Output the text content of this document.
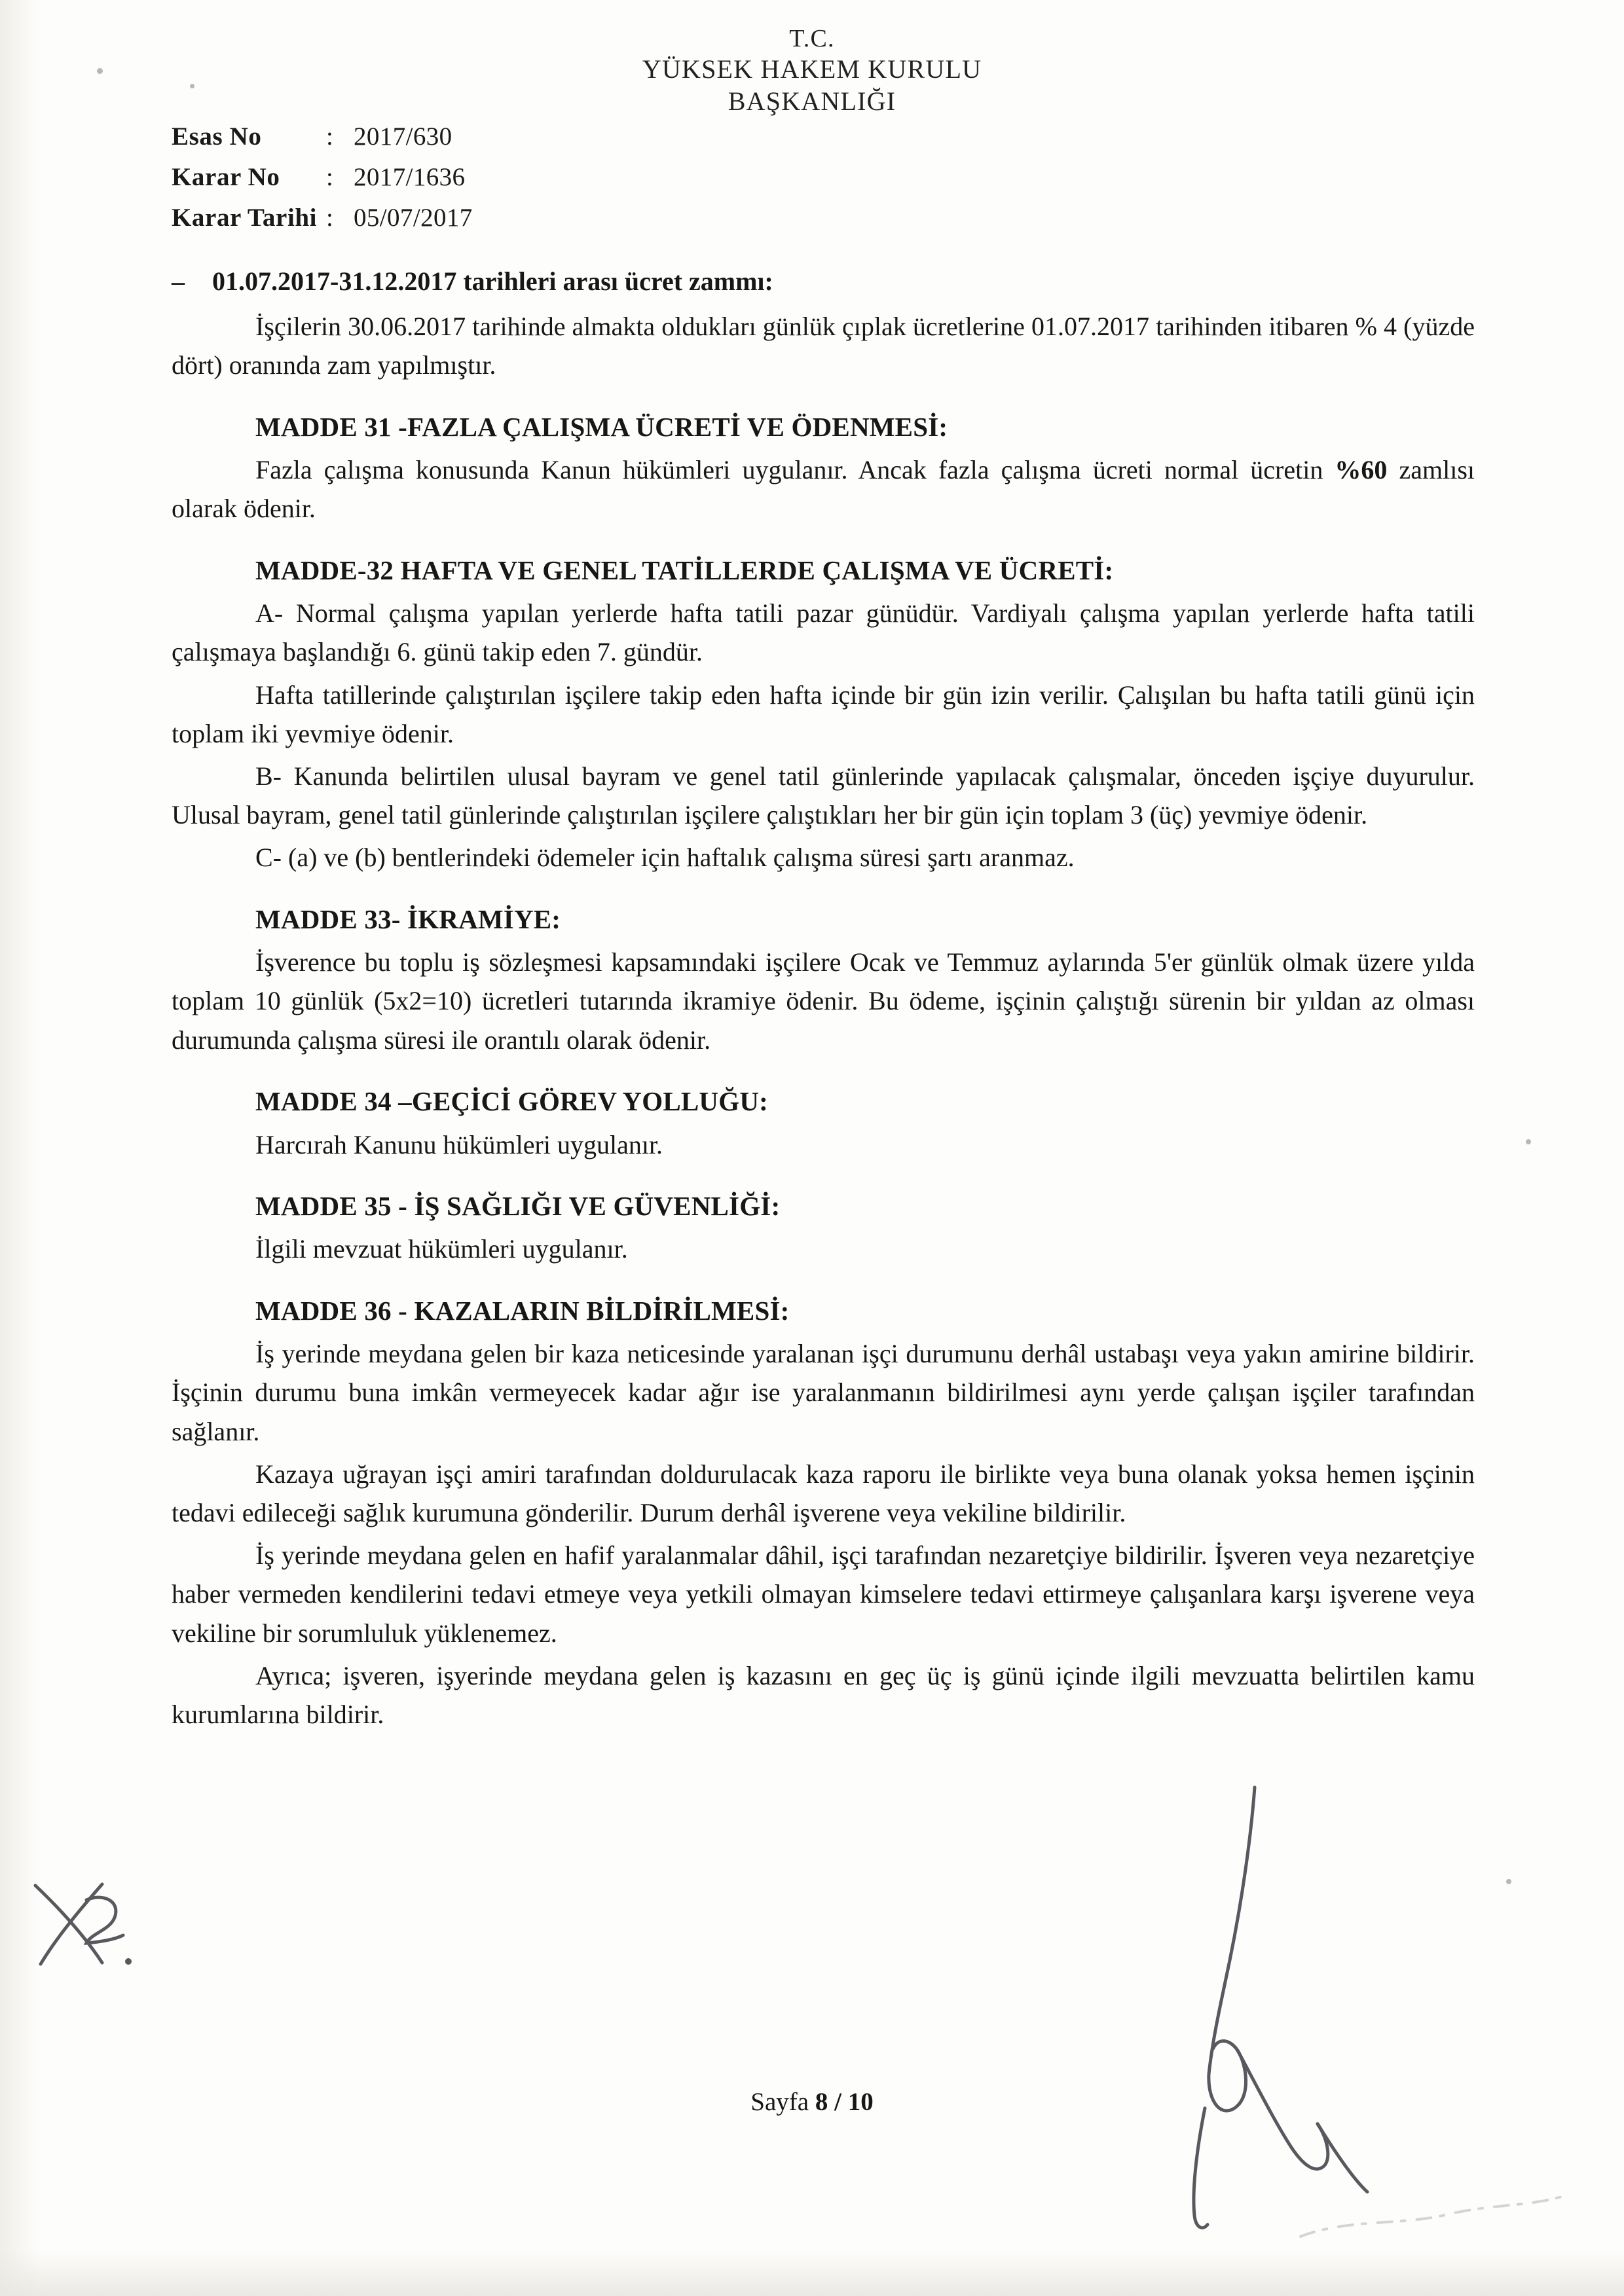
T.C.
YÜKSEK HAKEM KURULU
BAŞKANLIĞI
Esas No	: 2017/630
Karar No	: 2017/1636
Karar Tarihi : 05/07/2017
– 01.07.2017-31.12.2017 tarihleri arası ücret zammı:

İşçilerin 30.06.2017 tarihinde almakta oldukları günlük çıplak ücretlerine 01.07.2017 tarihinden itibaren % 4 (yüzde dört) oranında zam yapılmıştır.

MADDE 31 -FAZLA ÇALIŞMA ÜCRETİ VE ÖDENMESİ:

Fazla çalışma konusunda Kanun hükümleri uygulanır. Ancak fazla çalışma ücreti normal ücretin %60 zamlısı olarak ödenir.

MADDE-32 HAFTA VE GENEL TATİLLERDE ÇALIŞMA VE ÜCRETİ:

A- Normal çalışma yapılan yerlerde hafta tatili pazar günüdür. Vardiyalı çalışma yapılan yerlerde hafta tatili çalışmaya başlandığı 6. günü takip eden 7. gündür.

Hafta tatillerinde çalıştırılan işçilere takip eden hafta içinde bir gün izin verilir. Çalışılan bu hafta tatili günü için toplam iki yevmiye ödenir.

B- Kanunda belirtilen ulusal bayram ve genel tatil günlerinde yapılacak çalışmalar, önceden işçiye duyurulur. Ulusal bayram, genel tatil günlerinde çalıştırılan işçilere çalıştıkları her bir gün için toplam 3 (üç) yevmiye ödenir.

C- (a) ve (b) bentlerindeki ödemeler için haftalık çalışma süresi şartı aranmaz.

MADDE 33- İKRAMİYE:

İşverence bu toplu iş sözleşmesi kapsamındaki işçilere Ocak ve Temmuz aylarında 5'er günlük olmak üzere yılda toplam 10 günlük (5x2=10) ücretleri tutarında ikramiye ödenir. Bu ödeme, işçinin çalıştığı sürenin bir yıldan az olması durumunda çalışma süresi ile orantılı olarak ödenir.

MADDE 34 –GEÇİCİ GÖREV YOLLUĞU:

Harcırah Kanunu hükümleri uygulanır.

MADDE 35 - İŞ SAĞLIĞI VE GÜVENLİĞİ:

İlgili mevzuat hükümleri uygulanır.

MADDE 36 - KAZALARIN BİLDİRİLMESİ:

İş yerinde meydana gelen bir kaza neticesinde yaralanan işçi durumunu derhâl ustabaşı veya yakın amirine bildirir. İşçinin durumu buna imkân vermeyecek kadar ağır ise yaralanmanın bildirilmesi aynı yerde çalışan işçiler tarafından sağlanır.

Kazaya uğrayan işçi amiri tarafından doldurulacak kaza raporu ile birlikte veya buna olanak yoksa hemen işçinin tedavi edileceği sağlık kurumuna gönderilir. Durum derhâl işverene veya vekiline bildirilir.

İş yerinde meydana gelen en hafif yaralanmalar dâhil, işçi tarafından nezaretçiye bildirilir. İşveren veya nezaretçiye haber vermeden kendilerini tedavi etmeye veya yetkili olmayan kimselere tedavi ettirmeye çalışanlara karşı işverene veya vekiline bir sorumluluk yüklenemez.

Ayrıca; işveren, işyerinde meydana gelen iş kazasını en geç üç iş günü içinde ilgili mevzuatta belirtilen kamu kurumlarına bildirir.

Sayfa 8 / 10
